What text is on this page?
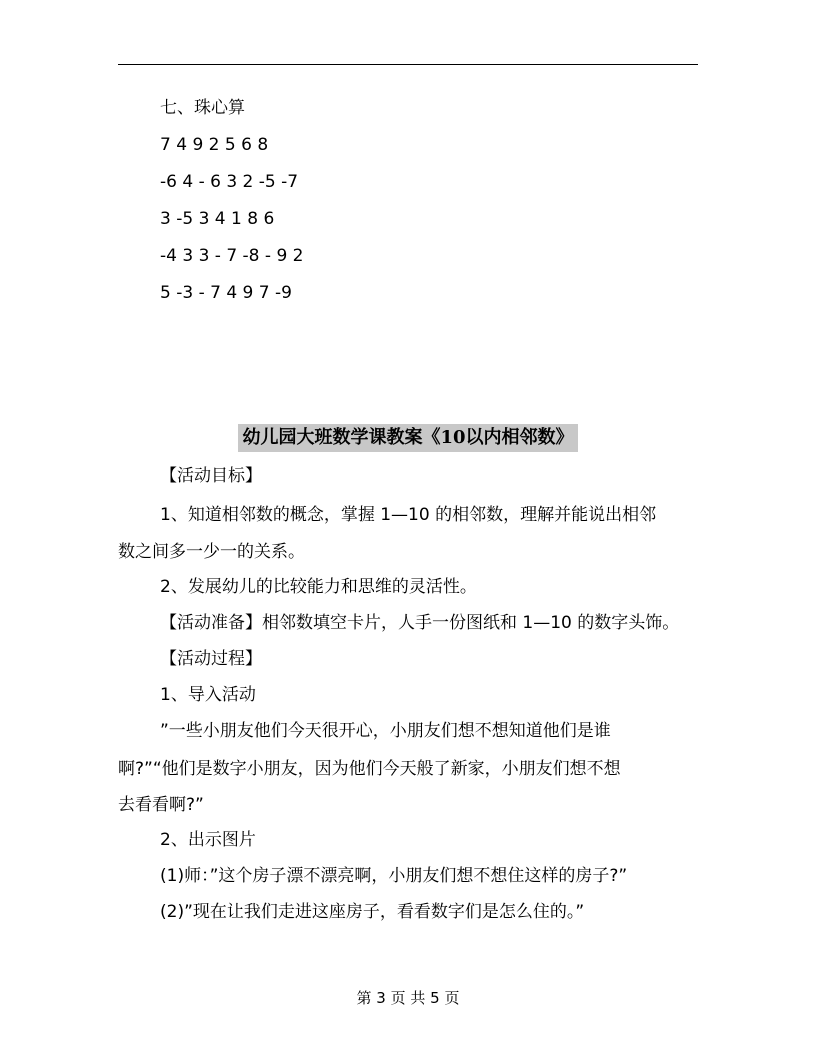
七、珠心算
7 4 9 2 5 6 8
-6 4 - 6 3 2 -5 -7
3 -5 3 4 1 8 6
-4 3 3 - 7 -8 - 9 2
5 -3 - 7 4 9 7 -9
幼儿园大班数学课教案《10以内相邻数》
【活动目标】
1、知道相邻数的概念，掌握 1—10 的相邻数，理解并能说出相邻
数之间多一少一的关系。
2、发展幼儿的比较能力和思维的灵活性。
【活动准备】相邻数填空卡片，人手一份图纸和 1—10 的数字头饰。
【活动过程】
1、导入活动
”一些小朋友他们今天很开心，小朋友们想不想知道他们是谁
啊?”“他们是数字小朋友，因为他们今天般了新家，小朋友们想不想
去看看啊?”
2、出示图片
(1)师：”这个房子漂不漂亮啊，小朋友们想不想住这样的房子?”
(2)”现在让我们走进这座房子，看看数字们是怎么住的。”
第 3 页 共 5 页
